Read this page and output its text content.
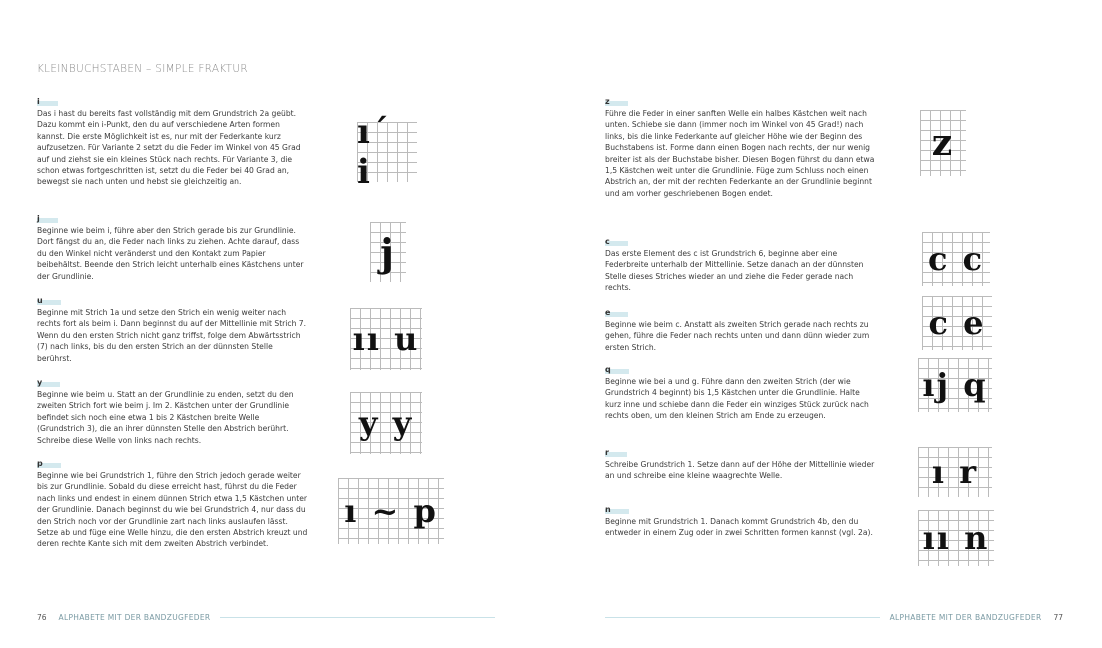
KLEINBUCHSTABEN – SIMPLE FRAKTUR
i
Das i hast du bereits fast vollständig mit dem Grundstrich 2a geübt. Dazu kommt ein i-Punkt, den du auf verschiedene Arten formen kannst. Die erste Möglichkeit ist es, nur mit der Federkante kurz aufzusetzen. Für Variante 2 setzt du die Feder im Winkel von 45 Grad auf und ziehst sie ein kleines Stück nach rechts. Für Variante 3, die schon etwas fortgeschritten ist, setzt du die Feder bei 40 Grad an, bewegst sie nach unten und hebst sie gleichzeitig an.
j
Beginne wie beim i, führe aber den Strich gerade bis zur Grundlinie. Dort fängst du an, die Feder nach links zu ziehen. Achte darauf, dass du den Winkel nicht veränderst und den Kontakt zum Papier beibehältst. Beende den Strich leicht unterhalb eines Kästchens unter der Grundlinie.
u
Beginne mit Strich 1a und setze den Strich ein wenig weiter nach rechts fort als beim i. Dann beginnst du auf der Mittellinie mit Strich 7. Wenn du den ersten Strich nicht ganz triffst, folge dem Abwärtsstrich (7) nach links, bis du den ersten Strich an der dünnsten Stelle berührst.
y
Beginne wie beim u. Statt an der Grundlinie zu enden, setzt du den zweiten Strich fort wie beim j. Im 2. Kästchen unter der Grundlinie befindet sich noch eine etwa 1 bis 2 Kästchen breite Welle (Grundstrich 3), die an ihrer dünnsten Stelle den Abstrich berührt. Schreibe diese Welle von links nach rechts.
p
Beginne wie bei Grundstrich 1, führe den Strich jedoch gerade weiter bis zur Grundlinie. Sobald du diese erreicht hast, führst du die Feder nach links und endest in einem dünnen Strich etwa 1,5 Kästchen unter der Grundlinie. Danach beginnst du wie bei Grundstrich 4, nur dass du den Strich noch vor der Grundlinie zart nach links auslaufen lässt. Setze ab und füge eine Welle hinzu, die den ersten Abstrich kreuzt und deren rechte Kante sich mit dem zweiten Abstrich verbindet.
z
Führe die Feder in einer sanften Welle ein halbes Kästchen weit nach unten. Schiebe sie dann (immer noch im Winkel von 45 Grad!) nach links, bis die linke Federkante auf gleicher Höhe wie der Beginn des Buchstabens ist. Forme dann einen Bogen nach rechts, der nur wenig breiter ist als der Buchstabe bisher. Diesen Bogen führst du dann etwa 1,5 Kästchen weit unter die Grundlinie. Füge zum Schluss noch einen Abstrich an, der mit der rechten Federkante an der Grundlinie beginnt und am vorher geschriebenen Bogen endet.
c
Das erste Element des c ist Grundstrich 6, beginne aber eine Federbreite unterhalb der Mittellinie. Setze danach an der dünnsten Stelle dieses Striches wieder an und ziehe die Feder gerade nach rechts.
e
Beginne wie beim c. Anstatt als zweiten Strich gerade nach rechts zu gehen, führe die Feder nach rechts unten und dann dünn wieder zum ersten Strich.
q
Beginne wie bei a und g. Führe dann den zweiten Strich (der wie Grundstrich 4 beginnt) bis 1,5 Kästchen unter die Grundlinie. Halte kurz inne und schiebe dann die Feder ein winziges Stück zurück nach rechts oben, um den kleinen Strich am Ende zu erzeugen.
r
Schreibe Grundstrich 1. Setze dann auf der Höhe der Mittellinie wieder an und schreibe eine kleine waagrechte Welle.
n
Beginne mit Grundstrich 1. Danach kommt Grundstrich 4b, den du entweder in einem Zug oder in zwei Schritten formen kannst (vgl. 2a).
ı´ i
j
ıı u
y y
ı ~ p
z
c c
c e
ıj q
ı r
ıı n
76 ALPHABETE MIT DER BANDZUGFEDER	ALPHABETE MIT DER BANDZUGFEDER 77
